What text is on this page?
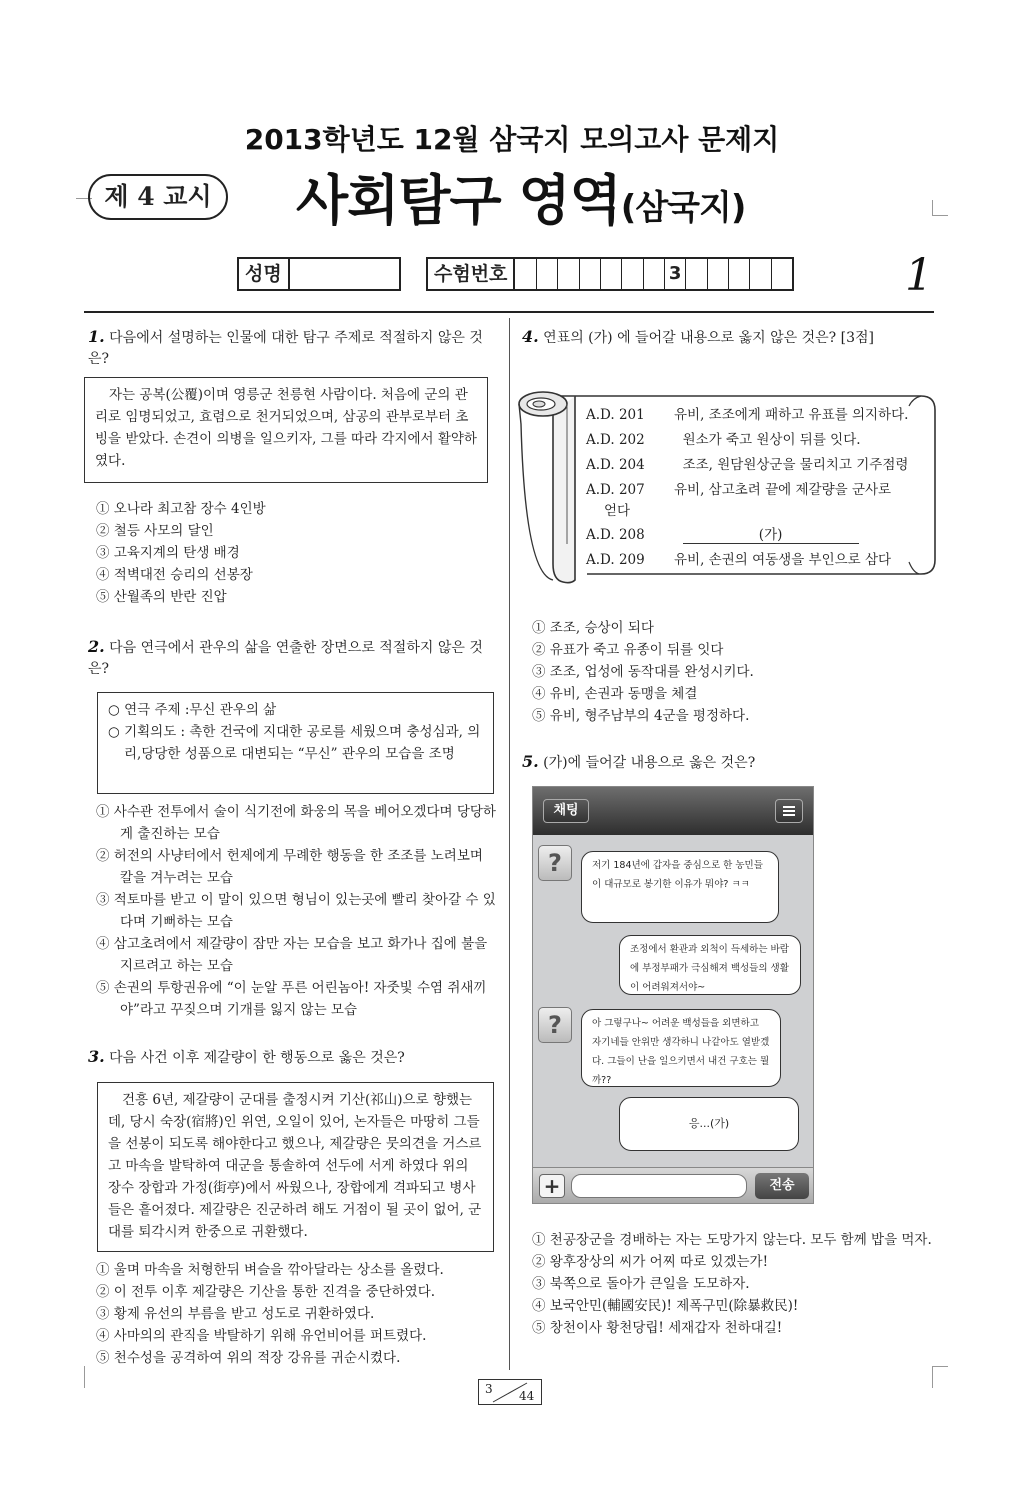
2013학년도 12월 삼국지 모의고사 문제지
제 4 교시	사회탐구 영역(삼국지)
성명	수험번호	3	1
1. 다음에서 설명하는 인물에 대한 탐구 주제로 적절하지 않은 것은?
자는 공복(公覆)이며 영릉군 천릉현 사람이다. 처음에 군의 관리로 임명되었고, 효렴으로 천거되었으며, 삼공의 관부로부터 초빙을 받았다. 손견이 의병을 일으키자, 그를 따라 각지에서 활약하였다.
① 오나라 최고참 장수 4인방
② 철등 사모의 달인
③ 고육지계의 탄생 배경
④ 적벽대전 승리의 선봉장
⑤ 산월족의 반란 진압
2. 다음 연극에서 관우의 삶을 연출한 장면으로 적절하지 않은 것은?
○ 연극 주제 :무신 관우의 삶
○ 기획의도 : 촉한 건국에 지대한 공로를 세웠으며 충성심과, 의리,당당한 성품으로 대변되는 “무신” 관우의 모습을 조명
① 사수관 전투에서 술이 식기전에 화웅의 목을 베어오겠다며 당당하게 출진하는 모습
② 허전의 사냥터에서 헌제에게 무례한 행동을 한 조조를 노려보며 칼을 겨누려는 모습
③ 적토마를 받고 이 말이 있으면 형님이 있는곳에 빨리 찾아갈 수 있다며 기뻐하는 모습
④ 삼고초려에서 제갈량이 잠만 자는 모습을 보고 화가나 집에 불을 지르려고 하는 모습
⑤ 손권의 투항권유에 “이 눈알 푸른 어린놈아! 자줏빛 수염 쥐새끼야”라고 꾸짖으며 기개를 잃지 않는 모습
3. 다음 사건 이후 제갈량이 한 행동으로 옳은 것은?
건흥 6년, 제갈량이 군대를 출정시켜 기산(祁山)으로 향했는데, 당시 숙장(宿將)인 위연, 오일이 있어, 논자들은 마땅히 그들을 선봉이 되도록 해야한다고 했으나, 제갈량은 뭇의견을 거스르고 마속을 발탁하여 대군을 통솔하여 선두에 서게 하였다 위의 장수 장합과 가정(街亭)에서 싸웠으나, 장합에게 격파되고 병사들은 흩어졌다. 제갈량은 진군하려 해도 거점이 될 곳이 없어, 군대를 퇴각시켜 한중으로 귀환했다.
① 울며 마속을 처형한뒤 벼슬을 깎아달라는 상소를 올렸다.
② 이 전투 이후 제갈량은 기산을 통한 진격을 중단하였다.
③ 황제 유선의 부름을 받고 성도로 귀환하였다.
④ 사마의의 관직을 박탈하기 위해 유언비어를 퍼트렸다.
⑤ 천수성을 공격하여 위의 적장 강유를 귀순시켰다.
4. 연표의 (가) 에 들어갈 내용으로 옳지 않은 것은? [3점]
A.D. 201 유비, 조조에게 패하고 유표를 의지하다.
A.D. 202	원소가 죽고 원상이 뒤를 잇다.
A.D. 204	조조, 원담원상군을 물리치고 기주점령
A.D. 207 유비, 삼고초려 끝에 제갈량을 군사로
얻다
A.D. 208	(가)
A.D. 209 유비, 손권의 여동생을 부인으로 삼다
① 조조, 승상이 되다
② 유표가 죽고 유종이 뒤를 잇다
③ 조조, 업성에 동작대를 완성시키다.
④ 유비, 손권과 동맹을 체결
⑤ 유비, 형주남부의 4군을 평정하다.
5. (가)에 들어갈 내용으로 옳은 것은?
채팅
?	저기 184년에 갑자을 중심으로 한 농민들이 대규모로 봉기한 이유가 뭐야? ㅋㅋ
조정에서 환관과 외척이 득세하는 바람에 부정부패가 극심해져 백성들의 생활이 어려워져서야~
?	아 그렇구나~ 어려운 백성들을 외면하고 자기네들 안위만 생각하니 나같아도 열받겠다. 그들이 난을 일으키면서 내건 구호는 뭘까??
응...(가)
+	전송
① 천공장군을 경배하는 자는 도망가지 않는다. 모두 함께 밥을 먹자.
② 왕후장상의 씨가 어찌 따로 있겠는가!
③ 북쪽으로 돌아가 큰일을 도모하자.
④ 보국안민(輔國安民)! 제폭구민(除暴救民)!
⑤ 창천이사 황천당립! 세재갑자 천하대길!
3 44
